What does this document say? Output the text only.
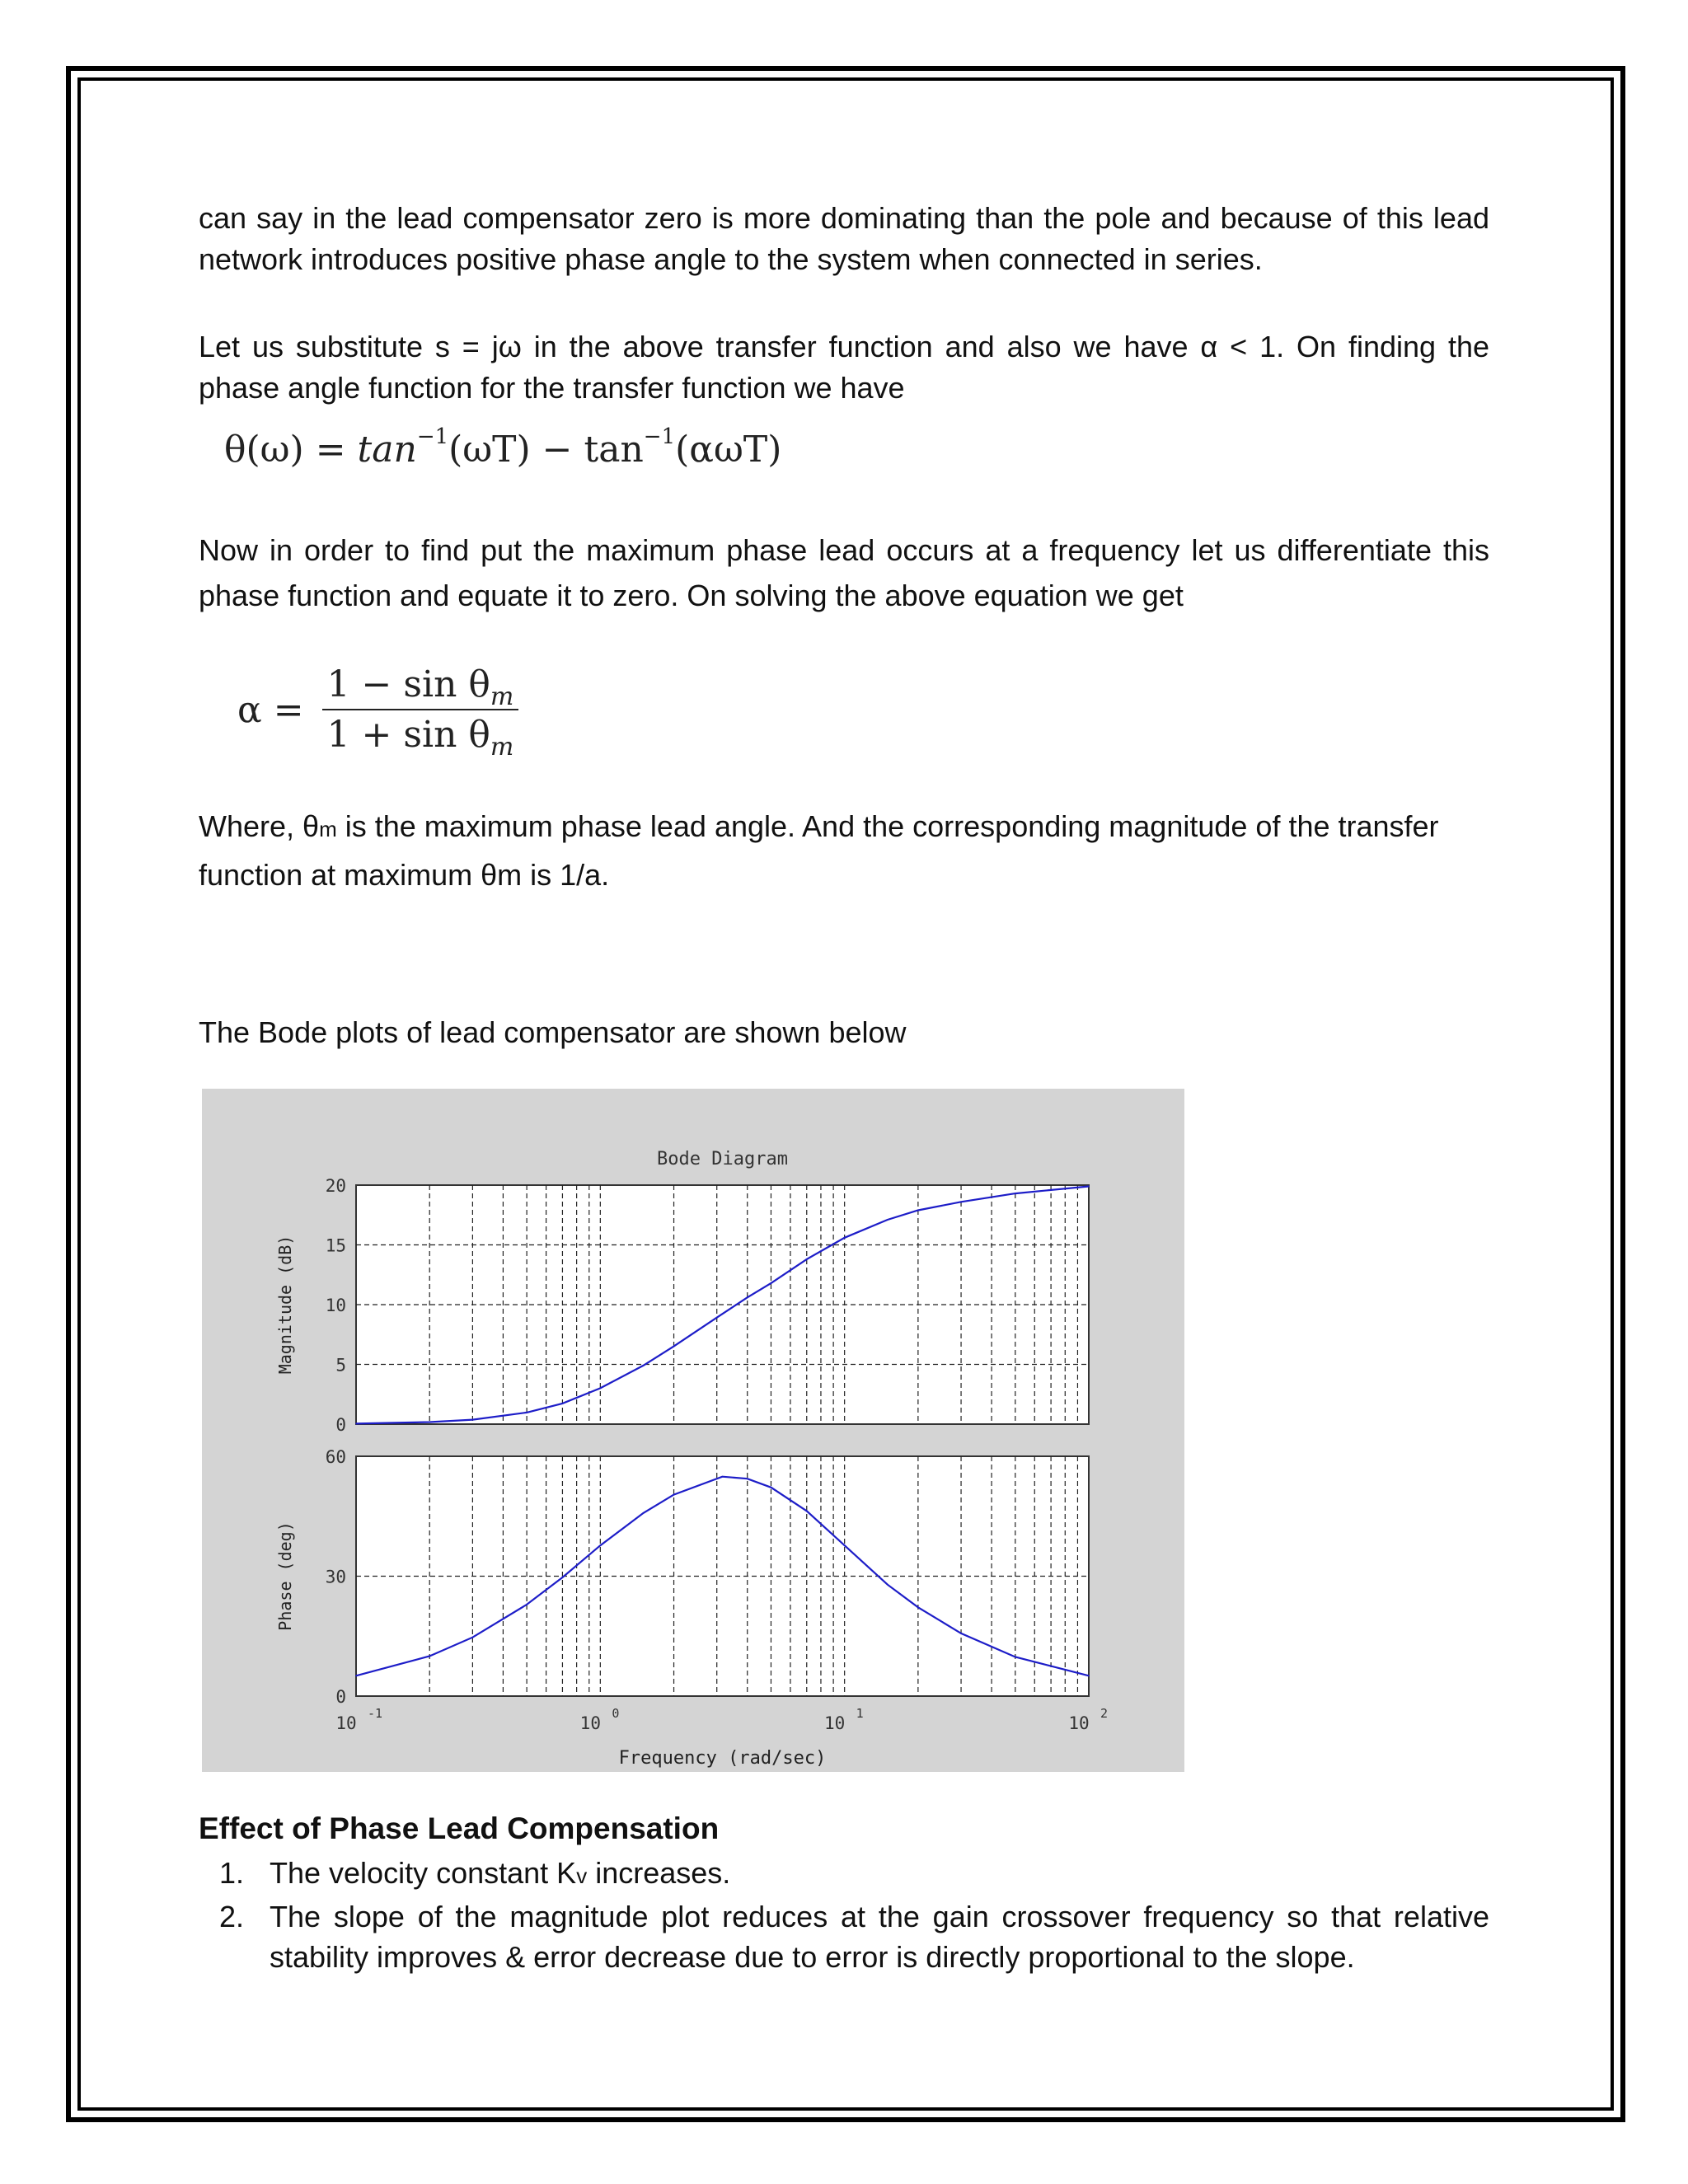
can say in the lead compensator zero is more dominating than the pole and because of this lead network introduces positive phase angle to the system when connected in series.

Let us substitute s = jω in the above transfer function and also we have α < 1. On finding the phase angle function for the transfer function we have

$\theta(\omega) = \tan^{-1}(\omega T) - \tan^{-1}(\alpha\omega T)$

Now in order to find put the maximum phase lead occurs at a frequency let us differentiate this phase function and equate it to zero. On solving the above equation we get

$\alpha = \frac{1 - \sin \theta_m}{1 + \sin \theta_m}$

Where, θm is the maximum phase lead angle. And the corresponding magnitude of the transfer

function at maximum θm is 1/a.

The Bode plots of lead compensator are shown below

Bode Diagram
20
15
10
5
0
Magnitude (dB)
60
30
0
Phase (deg)
10 -1	10 0	10 1	10 2
Frequency (rad/sec)
Effect of Phase Lead Compensation
1. The velocity constant Kv increases.
2. The slope of the magnitude plot reduces at the gain crossover frequency so that relative stability improves & error decrease due to error is directly proportional to the slope.
